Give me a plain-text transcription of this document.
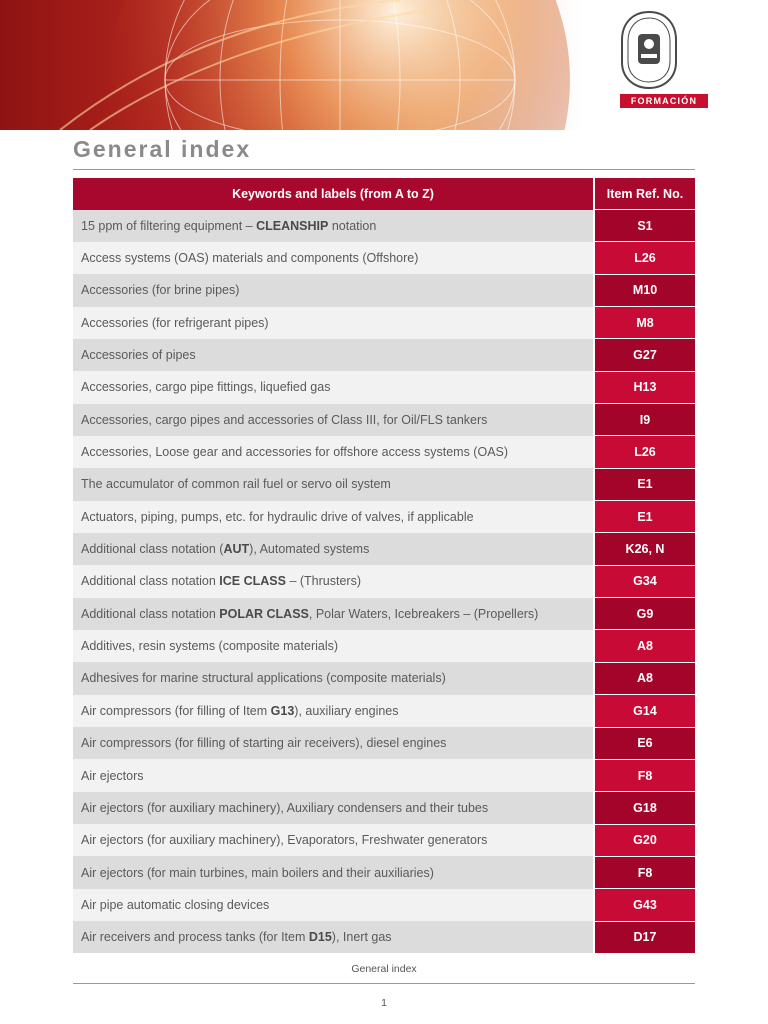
FORMACIÓN
General index
Keywords and labels (from A to Z)	Item Ref. No.
15 ppm of filtering equipment – CLEANSHIP notation	S1
Access systems (OAS) materials and components (Offshore)	L26
Accessories (for brine pipes)	M10
Accessories (for refrigerant pipes)	M8
Accessories of pipes	G27
Accessories, cargo pipe fittings, liquefied gas	H13
Accessories, cargo pipes and accessories of Class III, for Oil/FLS tankers	I9
Accessories, Loose gear and accessories for offshore access systems (OAS)	L26
The accumulator of common rail fuel or servo oil system	E1
Actuators, piping, pumps, etc. for hydraulic drive of valves, if applicable	E1
Additional class notation (AUT), Automated systems	K26, N
Additional class notation ICE CLASS – (Thrusters)	G34
Additional class notation POLAR CLASS, Polar Waters, Icebreakers – (Propellers)	G9
Additives, resin systems (composite materials)	A8
Adhesives for marine structural applications (composite materials)	A8
Air compressors (for filling of Item G13), auxiliary engines	G14
Air compressors (for filling of starting air receivers), diesel engines	E6
Air ejectors	F8
Air ejectors (for auxiliary machinery), Auxiliary condensers and their tubes	G18
Air ejectors (for auxiliary machinery), Evaporators, Freshwater generators	G20
Air ejectors (for main turbines, main boilers and their auxiliaries)	F8
Air pipe automatic closing devices	G43
Air receivers and process tanks (for Item D15), Inert gas	D17
General index
1
